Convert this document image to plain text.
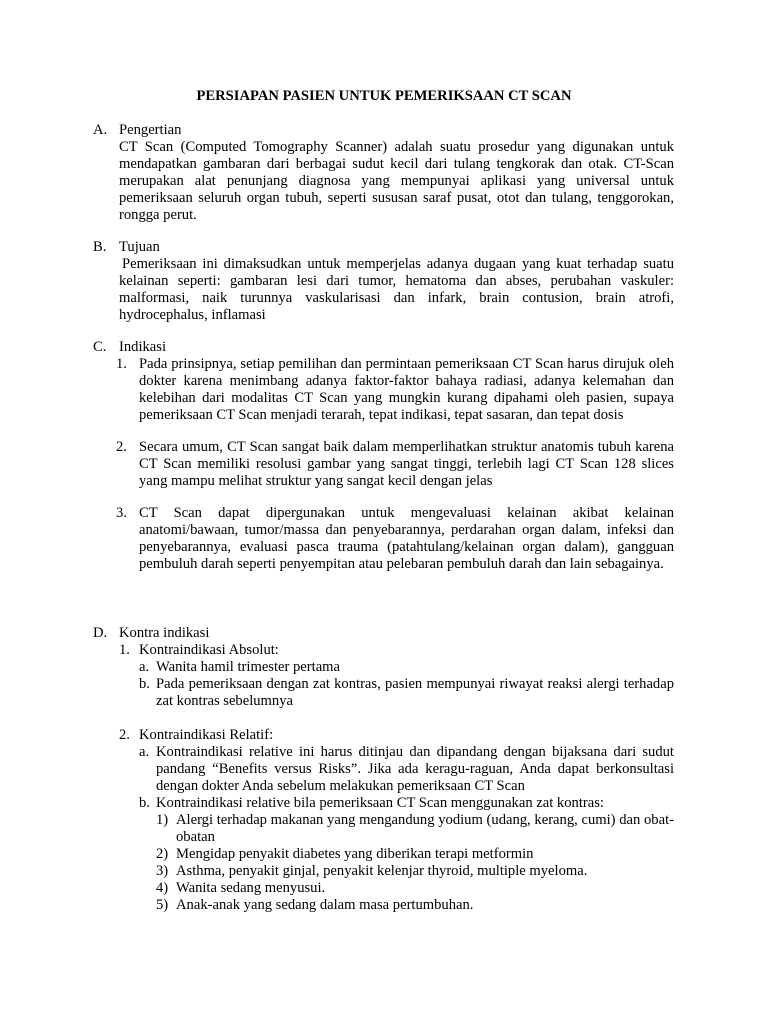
PERSIAPAN PASIEN UNTUK PEMERIKSAAN CT SCAN
A. Pengertian
CT Scan (Computed Tomography Scanner) adalah suatu prosedur yang digunakan untuk mendapatkan gambaran dari berbagai sudut kecil dari tulang tengkorak dan otak. CT-Scan merupakan alat penunjang diagnosa yang mempunyai aplikasi yang universal untuk pemeriksaan seluruh organ tubuh, seperti sususan saraf pusat, otot dan tulang, tenggorokan, rongga perut.
B. Tujuan
Pemeriksaan ini dimaksudkan untuk memperjelas adanya dugaan yang kuat terhadap suatu kelainan seperti: gambaran lesi dari tumor, hematoma dan abses, perubahan vaskuler: malformasi, naik turunnya vaskularisasi dan infark, brain contusion, brain atrofi, hydrocephalus, inflamasi
C. Indikasi
1. Pada prinsipnya, setiap pemilihan dan permintaan pemeriksaan CT Scan harus dirujuk oleh dokter karena menimbang adanya faktor-faktor bahaya radiasi, adanya kelemahan dan kelebihan dari modalitas CT Scan yang mungkin kurang dipahami oleh pasien, supaya pemeriksaan CT Scan menjadi terarah, tepat indikasi, tepat sasaran, dan tepat dosis
2. Secara umum, CT Scan sangat baik dalam memperlihatkan struktur anatomis tubuh karena CT Scan memiliki resolusi gambar yang sangat tinggi, terlebih lagi CT Scan 128 slices yang mampu melihat struktur yang sangat kecil dengan jelas
3. CT Scan dapat dipergunakan untuk mengevaluasi kelainan akibat kelainan anatomi/bawaan, tumor/massa dan penyebarannya, perdarahan organ dalam, infeksi dan penyebarannya, evaluasi pasca trauma (patahtulang/kelainan organ dalam), gangguan pembuluh darah seperti penyempitan atau pelebaran pembuluh darah dan lain sebagainya.
D. Kontra indikasi
1. Kontraindikasi Absolut:
a. Wanita hamil trimester pertama
b. Pada pemeriksaan dengan zat kontras, pasien mempunyai riwayat reaksi alergi terhadap zat kontras sebelumnya
2. Kontraindikasi Relatif:
a. Kontraindikasi relative ini harus ditinjau dan dipandang dengan bijaksana dari sudut pandang “Benefits versus Risks”. Jika ada keragu-raguan, Anda dapat berkonsultasi dengan dokter Anda sebelum melakukan pemeriksaan CT Scan
b. Kontraindikasi relative bila pemeriksaan CT Scan menggunakan zat kontras:
1) Alergi terhadap makanan yang mengandung yodium (udang, kerang, cumi) dan obat-obatan
2) Mengidap penyakit diabetes yang diberikan terapi metformin
3) Asthma, penyakit ginjal, penyakit kelenjar thyroid, multiple myeloma.
4) Wanita sedang menyusui.
5) Anak-anak yang sedang dalam masa pertumbuhan.
